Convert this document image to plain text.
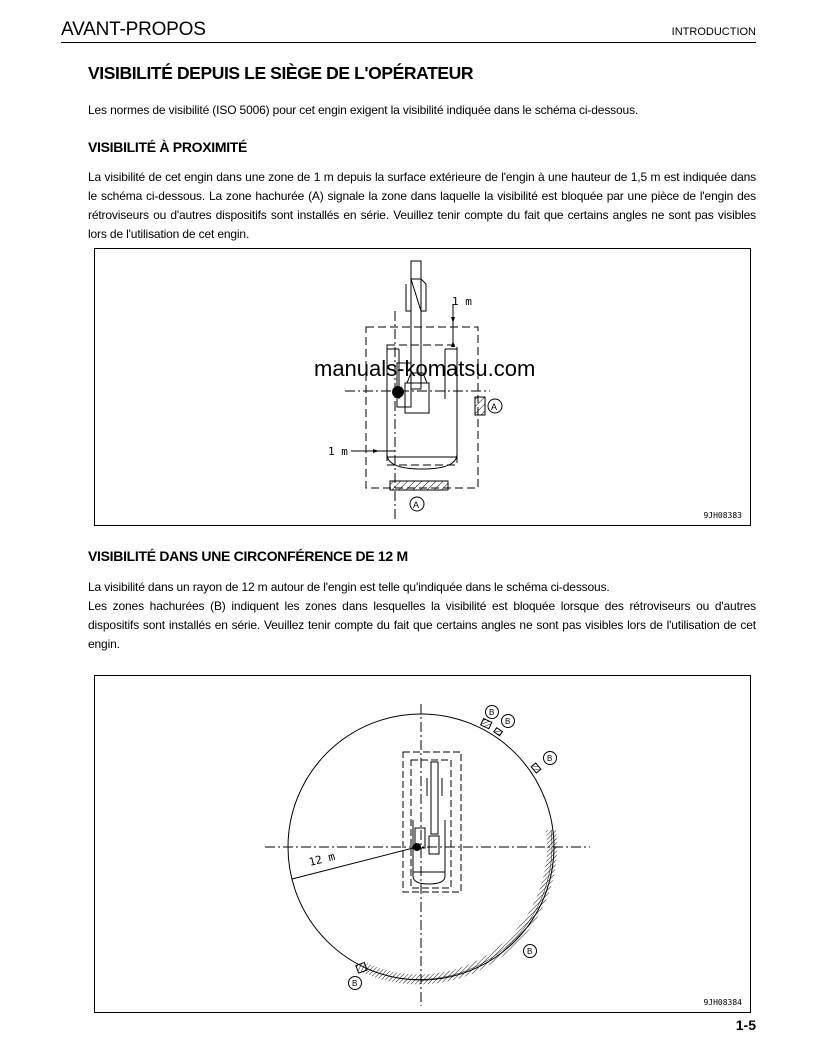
AVANT-PROPOS	INTRODUCTION
VISIBILITÉ DEPUIS LE SIÈGE DE L'OPÉRATEUR

Les normes de visibilité (ISO 5006) pour cet engin exigent la visibilité indiquée dans le schéma ci-dessous.

VISIBILITÉ À PROXIMITÉ

La visibilité de cet engin dans une zone de 1 m depuis la surface extérieure de l'engin à une hauteur de 1,5 m est indiquée dans le schéma ci-dessous. La zone hachurée (A) signale la zone dans laquelle la visibilité est bloquée par une pièce de l'engin des rétroviseurs ou d'autres dispositifs sont installés en série. Veuillez tenir compte du fait que certains angles ne sont pas visibles lors de l'utilisation de cet engin.

1 m
1 m
A
A
9JH08383
manuals-komatsu.com
VISIBILITÉ DANS UNE CIRCONFÉRENCE DE 12 M

La visibilité dans un rayon de 12 m autour de l'engin est telle qu'indiquée dans le schéma ci-dessous.

Les zones hachurées (B) indiquent les zones dans lesquelles la visibilité est bloquée lorsque des rétroviseurs ou d'autres dispositifs sont installés en série. Veuillez tenir compte du fait que certains angles ne sont pas visibles lors de l'utilisation de cet engin.

12 m
B
B
B
B
B
9JH08384
1-5
